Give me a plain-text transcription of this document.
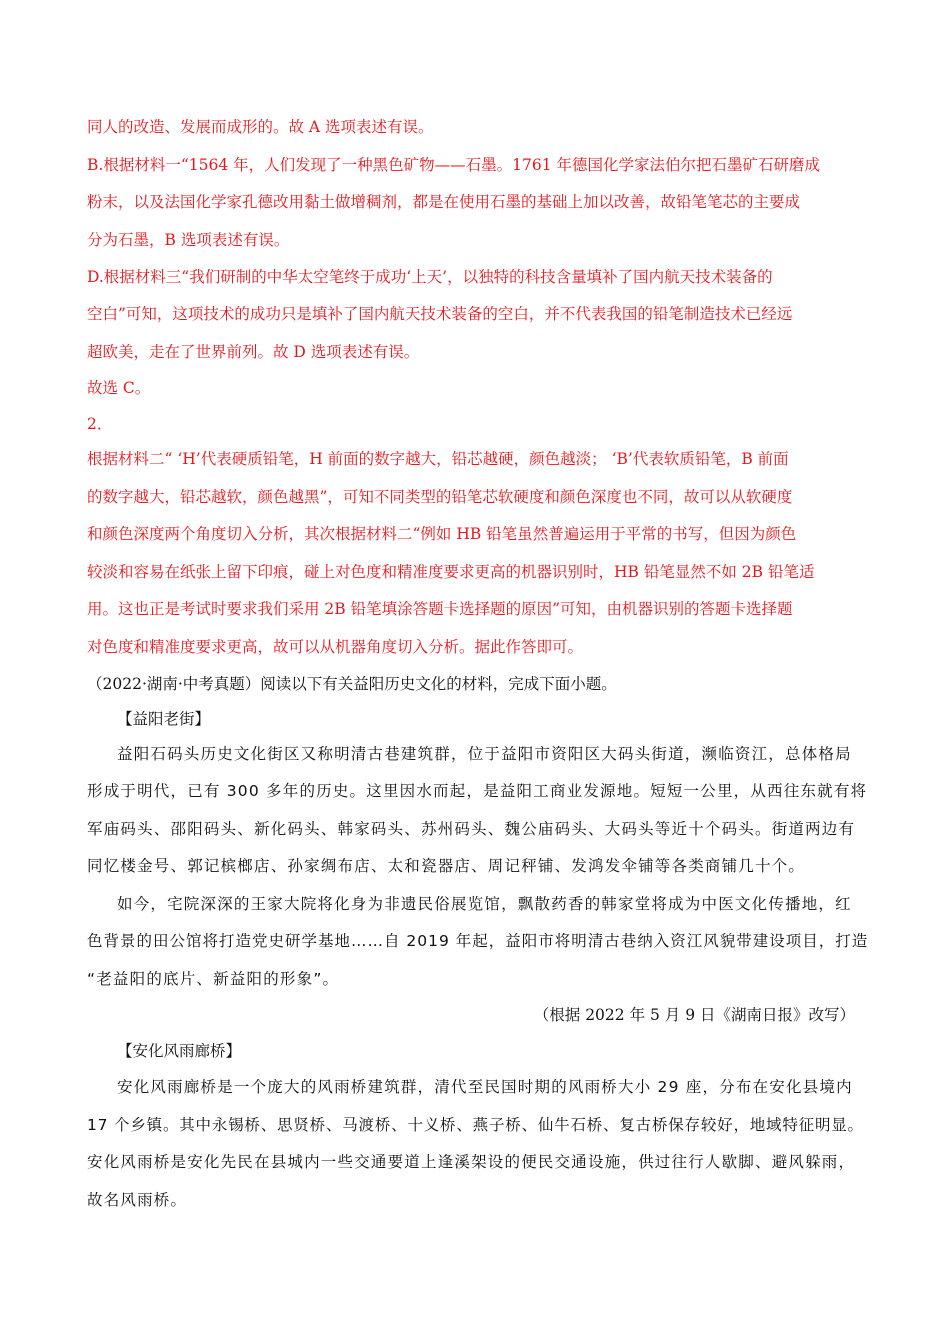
同人的改造、发展而成形的。故 A 选项表述有误。
B.根据材料一“1564 年，人们发现了一种黑色矿物——石墨。1761 年德国化学家法伯尔把石墨矿石研磨成
粉末，以及法国化学家孔德改用黏土做增稠剂，都是在使用石墨的基础上加以改善，故铅笔笔芯的主要成
分为石墨，B 选项表述有误。
D.根据材料三“我们研制的中华太空笔终于成功‘上天’，以独特的科技含量填补了国内航天技术装备的
空白”可知，这项技术的成功只是填补了国内航天技术装备的空白，并不代表我国的铅笔制造技术已经远
超欧美，走在了世界前列。故 D 选项表述有误。
故选 C。
2．
根据材料二“ ‘H’代表硬质铅笔，H 前面的数字越大，铅芯越硬，颜色越淡； ‘B’代表软质铅笔，B 前面
的数字越大，铅芯越软，颜色越黑”，可知不同类型的铅笔芯软硬度和颜色深度也不同，故可以从软硬度
和颜色深度两个角度切入分析，其次根据材料二“例如 HB 铅笔虽然普遍运用于平常的书写，但因为颜色
较淡和容易在纸张上留下印痕，碰上对色度和精准度要求更高的机器识别时，HB 铅笔显然不如 2B 铅笔适
用。这也正是考试时要求我们采用 2B 铅笔填涂答题卡选择题的原因”可知，由机器识别的答题卡选择题
对色度和精准度要求更高，故可以从机器角度切入分析。据此作答即可。
（2022·湖南·中考真题）阅读以下有关益阳历史文化的材料，完成下面小题。
【益阳老街】
益阳石码头历史文化街区又称明清古巷建筑群，位于益阳市资阳区大码头街道，濒临资江，总体格局
形成于明代，已有 300 多年的历史。这里因水而起，是益阳工商业发源地。短短一公里，从西往东就有将
军庙码头、邵阳码头、新化码头、韩家码头、苏州码头、魏公庙码头、大码头等近十个码头。街道两边有
同忆楼金号、郭记槟榔店、孙家绸布店、太和瓷器店、周记秤铺、发鸿发伞铺等各类商铺几十个。
如今，宅院深深的王家大院将化身为非遗民俗展览馆，飘散药香的韩家堂将成为中医文化传播地，红
色背景的田公馆将打造党史研学基地……自 2019 年起，益阳市将明清古巷纳入资江风貌带建设项目，打造
“老益阳的底片、新益阳的形象”。
（根据 2022 年 5 月 9 日《湖南日报》改写）
【安化风雨廊桥】
安化风雨廊桥是一个庞大的风雨桥建筑群，清代至民国时期的风雨桥大小 29 座，分布在安化县境内
17 个乡镇。其中永锡桥、思贤桥、马渡桥、十义桥、燕子桥、仙牛石桥、复古桥保存较好，地域特征明显。
安化风雨桥是安化先民在县城内一些交通要道上逢溪架设的便民交通设施，供过往行人歇脚、避风躲雨，
故名风雨桥。
